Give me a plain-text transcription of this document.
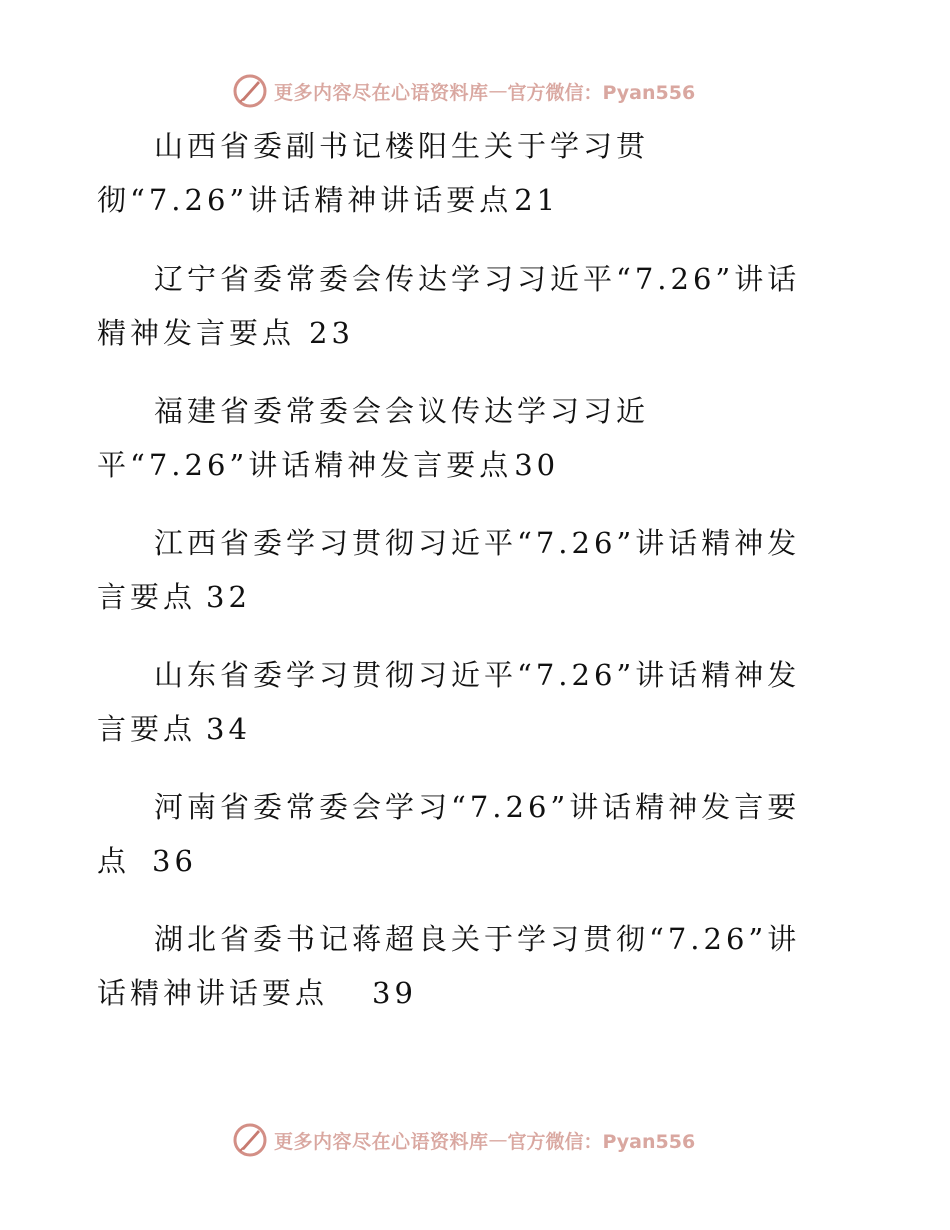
更多内容尽在心语资料库 — 官方微信：Pyan556
山西省委副书记楼阳生关于学习贯
彻“7.26”讲话精神讲话要点21
辽宁省委常委会传达学习习近平“7.26”讲话
精神发言要点 23
福建省委常委会会议传达学习习近
平“7.26”讲话精神发言要点30
江西省委学习贯彻习近平“7.26”讲话精神发
言要点 32
山东省委学习贯彻习近平“7.26”讲话精神发
言要点 34
河南省委常委会学习“7.26”讲话精神发言要
点 36
湖北省委书记蒋超良关于学习贯彻“7.26”讲
话精神讲话要点 39
更多内容尽在心语资料库 — 官方微信：Pyan556
